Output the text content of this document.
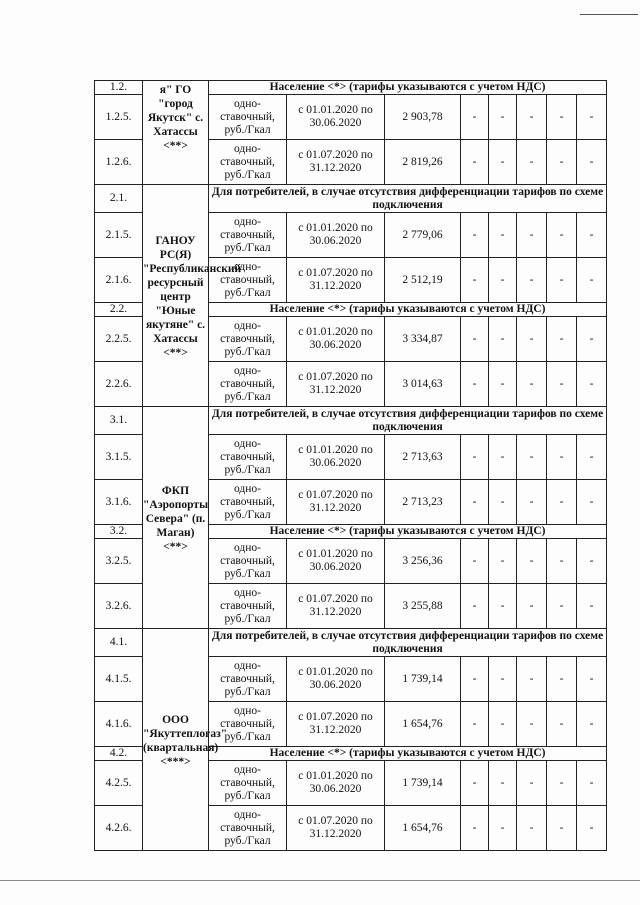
1.2.	я" ГО "город Якутск" с. Хатассы <**>	Население <*> (тарифы указываются с учетом НДС)							
1.2.5.		одно-ставочный, руб./Гкал	с 01.01.2020 по 30.06.2020	2 903,78	-	-	-	-	-
1.2.6.		одно-ставочный, руб./Гкал	с 01.07.2020 по 31.12.2020	2 819,26	-	-	-	-	-
2.1.	ГАНОУ РС(Я) "Республиканский ресурсный центр "Юные якутяне" с. Хатассы <**>	Для потребителей, в случае отсутствия дифференциации тарифов по схеме подключения							
2.1.5.		одно-ставочный, руб./Гкал	с 01.01.2020 по 30.06.2020	2 779,06	-	-	-	-	-
2.1.6.		одно-ставочный, руб./Гкал	с 01.07.2020 по 31.12.2020	2 512,19	-	-	-	-	-
2.2.		Население <*> (тарифы указываются с учетом НДС)							
2.2.5.		одно-ставочный, руб./Гкал	с 01.01.2020 по 30.06.2020	3 334,87	-	-	-	-	-
2.2.6.		одно-ставочный, руб./Гкал	с 01.07.2020 по 31.12.2020	3 014,63	-	-	-	-	-
3.1.	ФКП "Аэропорты Севера" (п. Маган) <**>	Для потребителей, в случае отсутствия дифференциации тарифов по схеме подключения							
3.1.5.		одно-ставочный, руб./Гкал	с 01.01.2020 по 30.06.2020	2 713,63	-	-	-	-	-
3.1.6.		одно-ставочный, руб./Гкал	с 01.07.2020 по 31.12.2020	2 713,23	-	-	-	-	-
3.2.		Население <*> (тарифы указываются с учетом НДС)							
3.2.5.		одно-ставочный, руб./Гкал	с 01.01.2020 по 30.06.2020	3 256,36	-	-	-	-	-
3.2.6.		одно-ставочный, руб./Гкал	с 01.07.2020 по 31.12.2020	3 255,88	-	-	-	-	-
4.1.	ООО "Якуттеплогаз" (квартальная) <***>	Для потребителей, в случае отсутствия дифференциации тарифов по схеме подключения							
4.1.5.		одно-ставочный, руб./Гкал	с 01.01.2020 по 30.06.2020	1 739,14	-	-	-	-	-
4.1.6.		одно-ставочный, руб./Гкал	с 01.07.2020 по 31.12.2020	1 654,76	-	-	-	-	-
4.2.		Население <*> (тарифы указываются с учетом НДС)							
4.2.5.		одно-ставочный, руб./Гкал	с 01.01.2020 по 30.06.2020	1 739,14	-	-	-	-	-
4.2.6.		одно-ставочный, руб./Гкал	с 01.07.2020 по 31.12.2020	1 654,76	-	-	-	-	-
